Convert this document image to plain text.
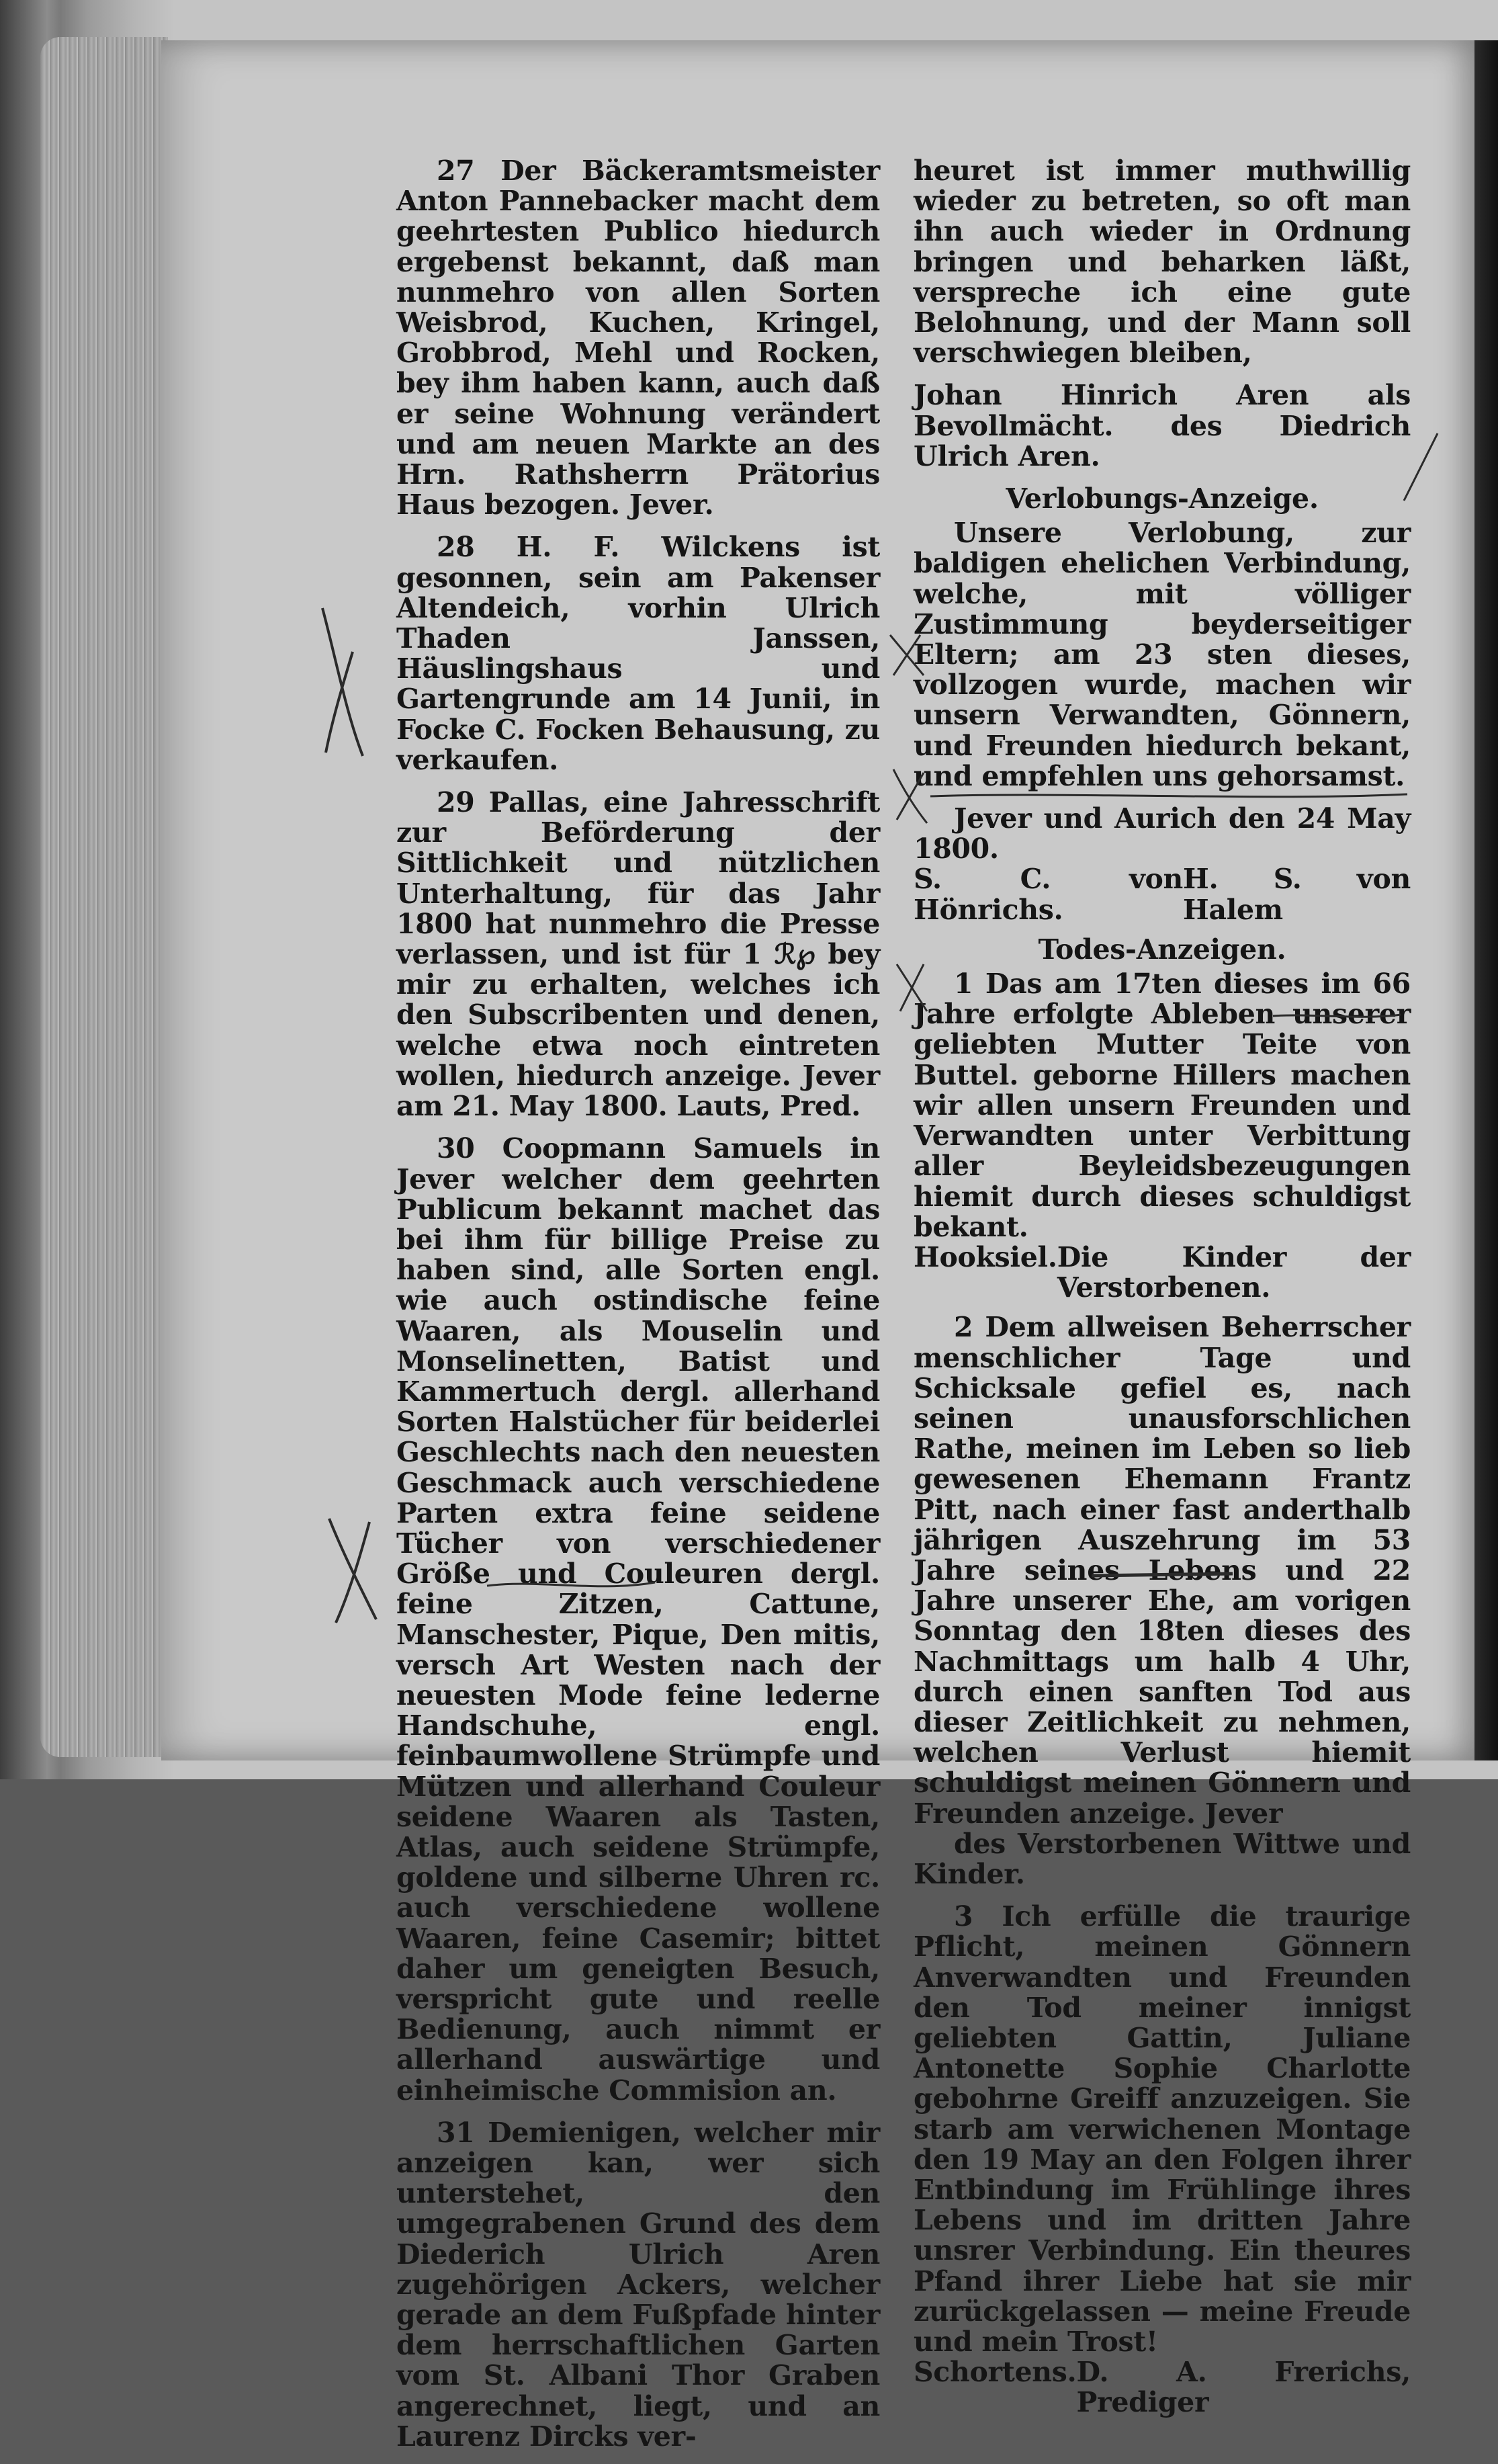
27 Der Bäckeramtsmeister Anton Pannebacker macht dem geehrtesten Publico hiedurch ergebenst bekannt, daß man nunmehro von allen Sorten Weisbrod, Kuchen, Kringel, Grobbrod, Mehl und Rocken, bey ihm haben kann, auch daß er seine Wohnung verändert und am neuen Markte an des Hrn. Rathsherrn Prätorius Haus bezogen. Jever.

28 H. F. Wilckens ist gesonnen, sein am Pakenser Altendeich, vorhin Ulrich Thaden Janssen, Häuslingshaus und Gartengrunde am 14 Junii, in Focke C. Focken Behausung, zu verkaufen.

29 Pallas, eine Jahresschrift zur Beförderung der Sittlichkeit und nützlichen Unterhaltung, für das Jahr 1800 hat nunmehro die Presse verlassen, und ist für 1 ℛ℘ bey mir zu erhalten, welches ich den Subscribenten und denen, welche etwa noch eintreten wollen, hiedurch anzeige. Jever am 21. May 1800. Lauts, Pred.

30 Coopmann Samuels in Jever welcher dem geehrten Publicum bekannt machet das bei ihm für billige Preise zu haben sind, alle Sorten engl. wie auch ostindische feine Waaren, als Mouselin und Monselinetten, Batist und Kammertuch dergl. allerhand Sorten Halstücher für beiderlei Geschlechts nach den neuesten Geschmack auch verschiedene Parten extra feine seidene Tücher von verschiedener Größe und Couleuren dergl. feine Zitzen, Cattune, Manschester, Pique, Den mitis, versch Art Westen nach der neuesten Mode feine lederne Handschuhe, engl. feinbaumwollene Strümpfe und Mützen und allerhand Couleur seidene Waaren als Tasten, Atlas, auch seidene Strümpfe, goldene und silberne Uhren rc. auch verschiedene wollene Waaren, feine Casemir; bittet daher um geneigten Besuch, verspricht gute und reelle Bedienung, auch nimmt er allerhand auswärtige und einheimische Commision an.

31 Demienigen, welcher mir anzeigen kan, wer sich unterstehet, den umgegrabenen Grund des dem Diederich Ulrich Aren zugehörigen Ackers, welcher gerade an dem Fußpfade hinter dem herrschaftlichen Garten vom St. Albani Thor Graben angerechnet, liegt, und an Laurenz Dircks ver-

heuret ist immer muthwillig wieder zu betreten, so oft man ihn auch wieder in Ordnung bringen und beharken läßt, verspreche ich eine gute Belohnung, und der Mann soll verschwiegen bleiben,

Johan Hinrich Aren als Bevollmächt. des Diedrich Ulrich Aren.

Verlobungs-Anzeige.

Unsere Verlobung, zur baldigen ehelichen Verbindung, welche, mit völliger Zustimmung beyderseitiger Eltern; am 23 sten dieses, vollzogen wurde, machen wir unsern Verwandten, Gönnern, und Freunden hiedurch bekant, und empfehlen uns gehorsamst.

Jever und Aurich den 24 May 1800.

S. C. von Hönrichs.
H. S. von Halem
Todes-Anzeigen.

1 Das am 17ten dieses im 66 Jahre erfolgte Ableben unserer geliebten Mutter Teite von Buttel. geborne Hillers machen wir allen unsern Freunden und Verwandten unter Verbittung aller Beyleidsbezeugungen hiemit durch dieses schuldigst bekant.

Hooksiel. Die Kinder der Verstorbenen.

2 Dem allweisen Beherrscher menschlicher Tage und Schicksale gefiel es, nach seinen unausforschlichen Rathe, meinen im Leben so lieb gewesenen Ehemann Frantz Pitt, nach einer fast anderthalb jährigen Auszehrung im 53 Jahre seines Lebens und 22 Jahre unserer Ehe, am vorigen Sonntag den 18ten dieses des Nachmittags um halb 4 Uhr, durch einen sanften Tod aus dieser Zeitlichkeit zu nehmen, welchen Verlust hiemit schuldigst meinen Gönnern und Freunden anzeige. Jever

des Verstorbenen Wittwe und Kinder.

3 Ich erfülle die traurige Pflicht, meinen Gönnern Anverwandten und Freunden den Tod meiner innigst geliebten Gattin, Juliane Antonette Sophie Charlotte gebohrne Greiff anzuzeigen. Sie starb am verwichenen Montage den 19 May an den Folgen ihrer Entbindung im Frühlinge ihres Lebens und im dritten Jahre unsrer Verbindung. Ein theures Pfand ihrer Liebe hat sie mir zurückgelassen — meine Freude und mein Trost!

Schortens. D. A. Frerichs, Prediger
